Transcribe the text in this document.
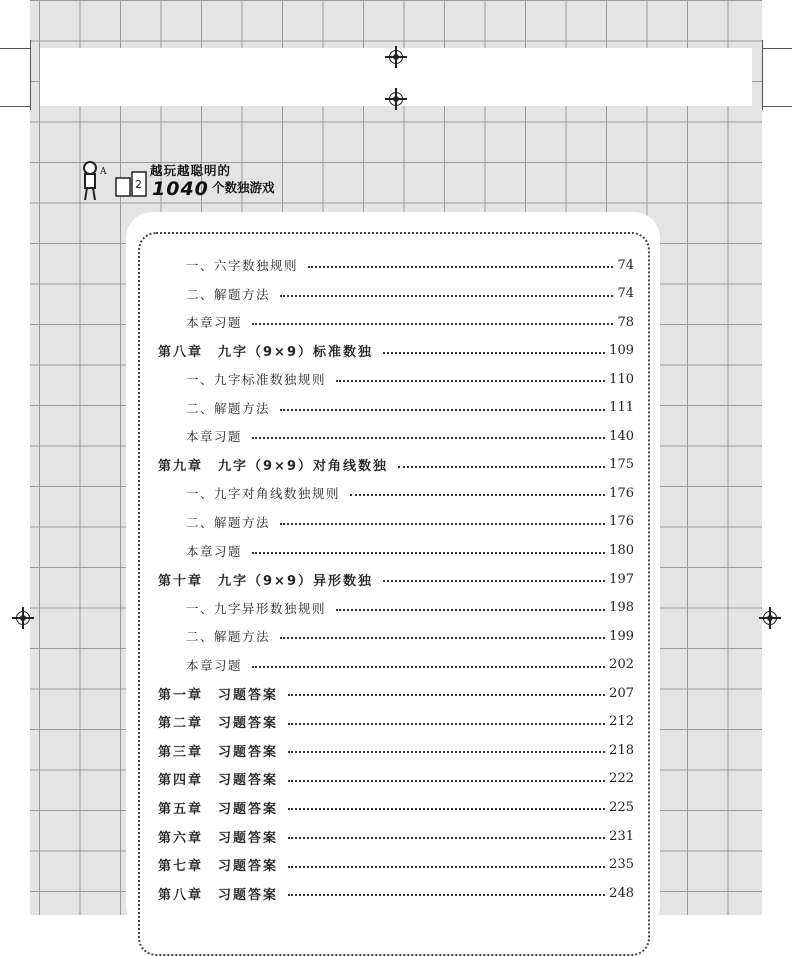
A
2
越玩越聪明的
1040 个数独游戏
一、六字数独规则	74
二、解题方法	74
本章习题	78
第八章　九字（9×9）标准数独	109
一、九字标准数独规则	110
二、解题方法	111
本章习题	140
第九章　九字（9×9）对角线数独	175
一、九字对角线数独规则	176
二、解题方法	176
本章习题	180
第十章　九字（9×9）异形数独	197
一、九字异形数独规则	198
二、解题方法	199
本章习题	202
第一章　习题答案	207
第二章　习题答案	212
第三章　习题答案	218
第四章　习题答案	222
第五章　习题答案	225
第六章　习题答案	231
第七章　习题答案	235
第八章　习题答案	248
